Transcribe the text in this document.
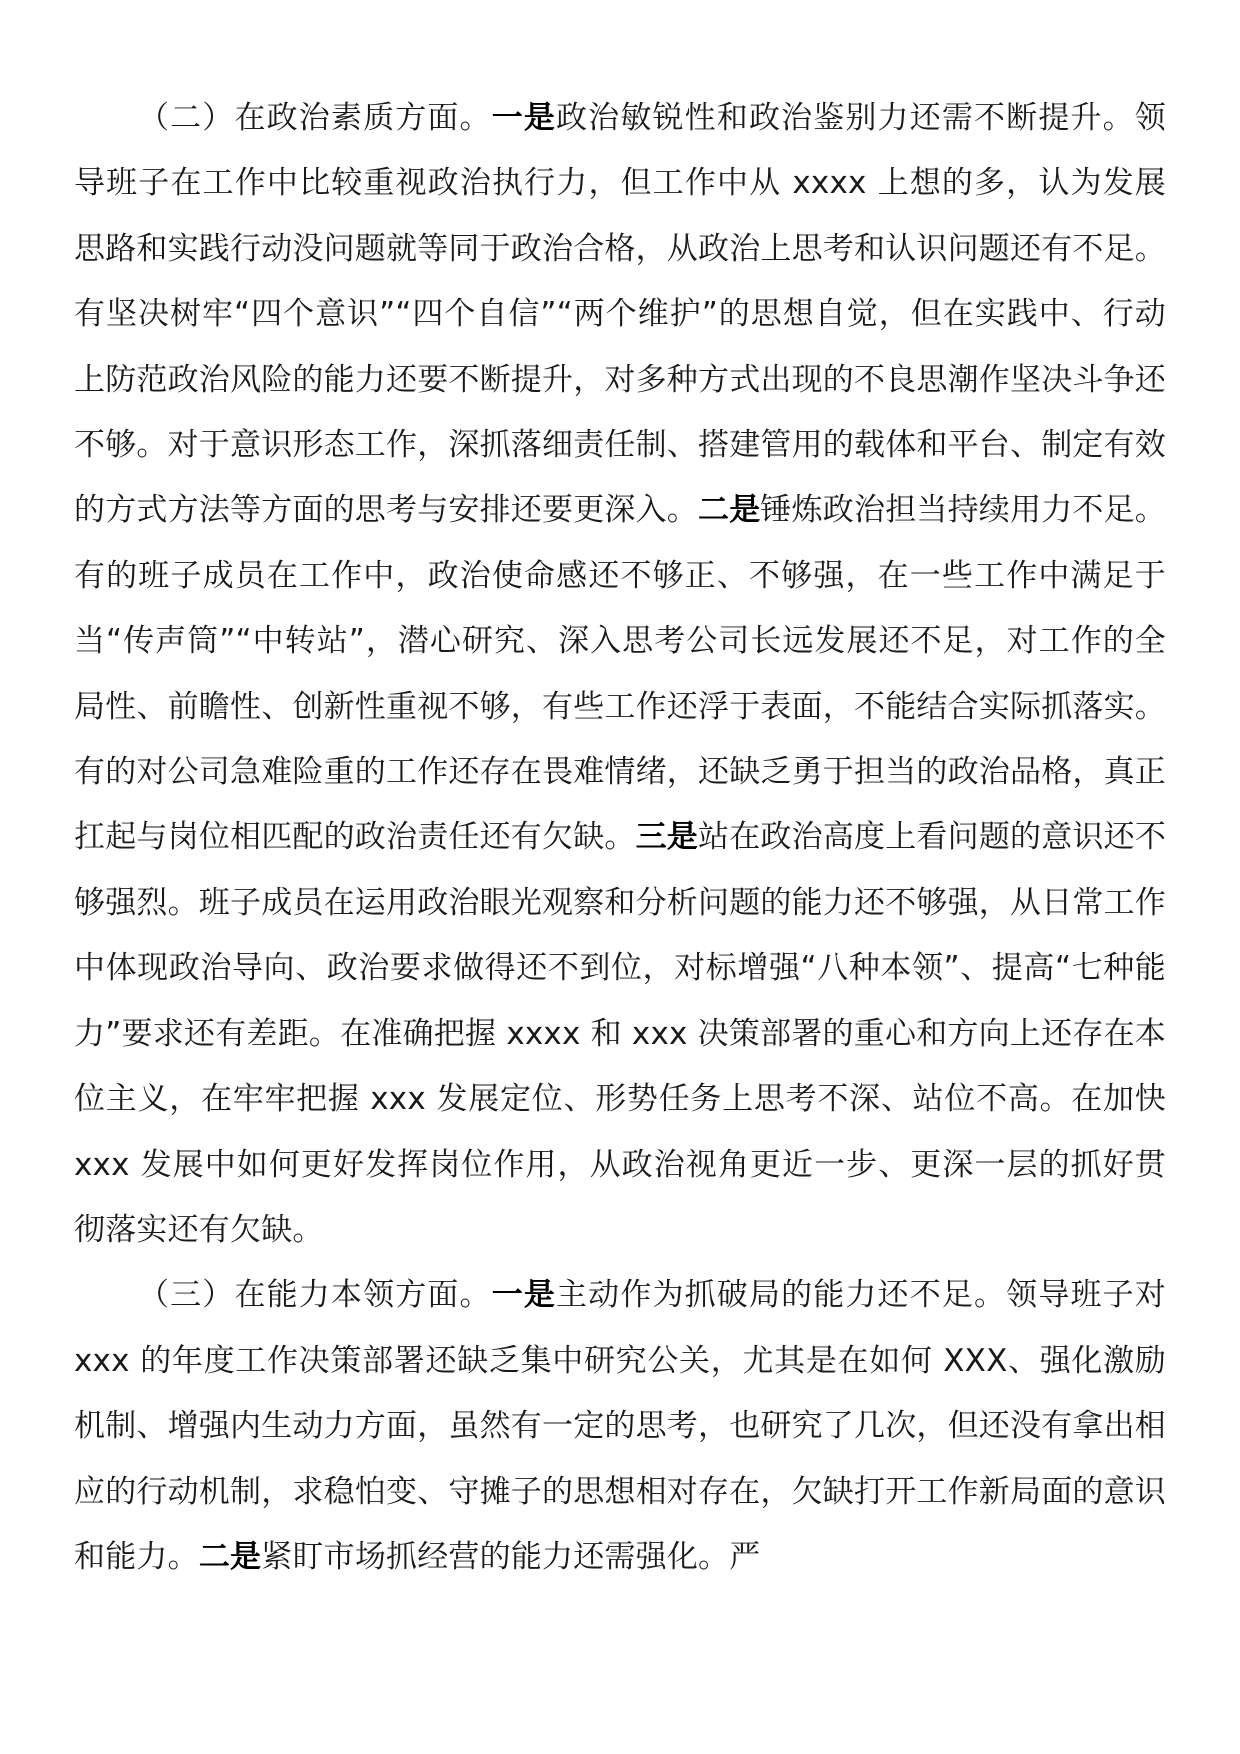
（二）在政治素质方面。一是政治敏锐性和政治鉴别力还需不断提升。领导班子在工作中比较重视政治执行力，但工作中从 xxxx 上想的多，认为发展思路和实践行动没问题就等同于政治合格，从政治上思考和认识问题还有不足。有坚决树牢“四个意识”“四个自信”“两个维护”的思想自觉，但在实践中、行动上防范政治风险的能力还要不断提升，对多种方式出现的不良思潮作坚决斗争还不够。对于意识形态工作，深抓落细责任制、搭建管用的载体和平台、制定有效的方式方法等方面的思考与安排还要更深入。二是锤炼政治担当持续用力不足。有的班子成员在工作中，政治使命感还不够正、不够强，在一些工作中满足于当“传声筒”“中转站”，潜心研究、深入思考公司长远发展还不足，对工作的全局性、前瞻性、创新性重视不够，有些工作还浮于表面，不能结合实际抓落实。有的对公司急难险重的工作还存在畏难情绪，还缺乏勇于担当的政治品格，真正扛起与岗位相匹配的政治责任还有欠缺。三是站在政治高度上看问题的意识还不够强烈。班子成员在运用政治眼光观察和分析问题的能力还不够强，从日常工作中体现政治导向、政治要求做得还不到位，对标增强“八种本领”、提高“七种能力”要求还有差距。在准确把握 xxxx 和 xxx 决策部署的重心和方向上还存在本位主义，在牢牢把握 xxx 发展定位、形势任务上思考不深、站位不高。在加快 xxx 发展中如何更好发挥岗位作用，从政治视角更近一步、更深一层的抓好贯彻落实还有欠缺。

（三）在能力本领方面。一是主动作为抓破局的能力还不足。领导班子对 xxx 的年度工作决策部署还缺乏集中研究公关，尤其是在如何 XXX、强化激励机制、增强内生动力方面，虽然有一定的思考，也研究了几次，但还没有拿出相应的行动机制，求稳怕变、守摊子的思想相对存在，欠缺打开工作新局面的意识和能力。二是紧盯市场抓经营的能力还需强化。严
